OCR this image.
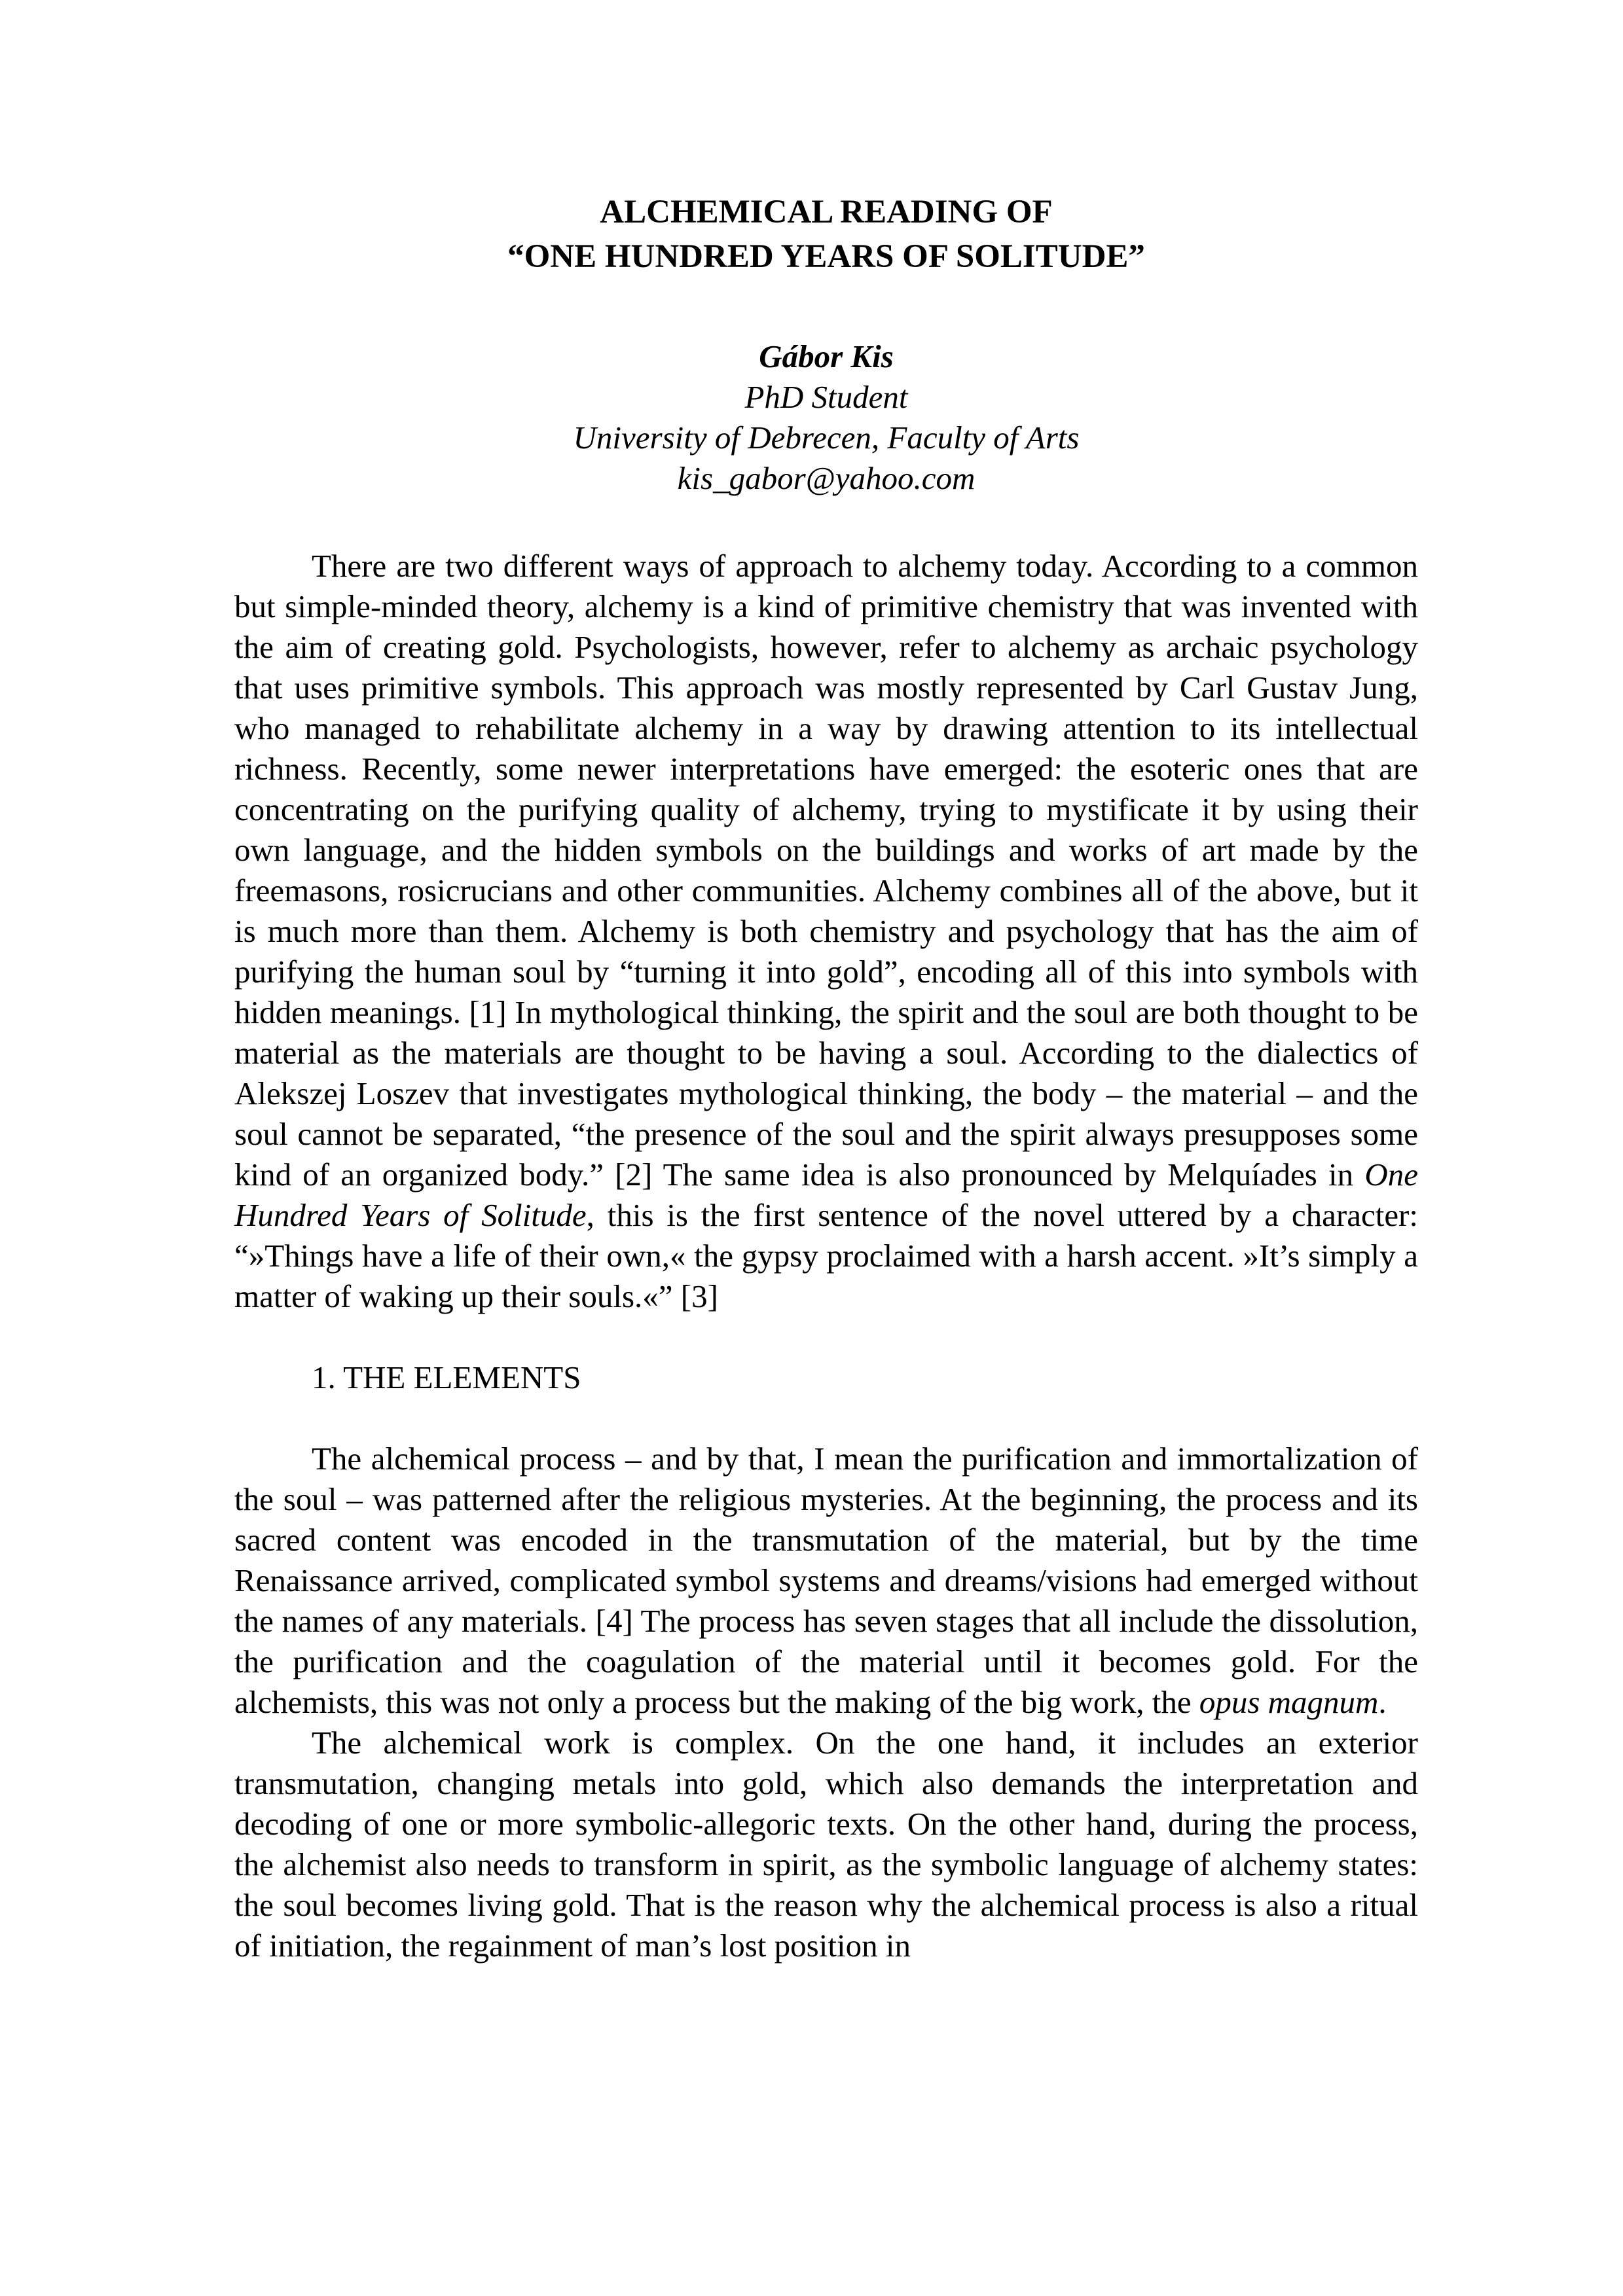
ALCHEMICAL READING OF
“ONE HUNDRED YEARS OF SOLITUDE”
Gábor Kis
PhD Student
University of Debrecen, Faculty of Arts
kis_gabor@yahoo.com

There are two different ways of approach to alchemy today. According to a common but simple-minded theory, alchemy is a kind of primitive chemistry that was invented with the aim of creating gold. Psychologists, however, refer to alchemy as archaic psychology that uses primitive symbols. This approach was mostly represented by Carl Gustav Jung, who managed to rehabilitate alchemy in a way by drawing attention to its intellectual richness. Recently, some newer interpretations have emerged: the esoteric ones that are concentrating on the purifying quality of alchemy, trying to mystificate it by using their own language, and the hidden symbols on the buildings and works of art made by the freemasons, rosicrucians and other communities. Alchemy combines all of the above, but it is much more than them. Alchemy is both chemistry and psychology that has the aim of purifying the human soul by “turning it into gold”, encoding all of this into symbols with hidden meanings. [1] In mythological thinking, the spirit and the soul are both thought to be material as the materials are thought to be having a soul. According to the dialectics of Alekszej Loszev that investigates mythological thinking, the body – the material – and the soul cannot be separated, “the presence of the soul and the spirit always presupposes some kind of an organized body.” [2] The same idea is also pronounced by Melquíades in One Hundred Years of Solitude, this is the first sentence of the novel uttered by a character: “»Things have a life of their own,« the gypsy proclaimed with a harsh accent. »It’s simply a matter of waking up their souls.«” [3]

1. THE ELEMENTS

The alchemical process – and by that, I mean the purification and immortalization of the soul – was patterned after the religious mysteries. At the beginning, the process and its sacred content was encoded in the transmutation of the material, but by the time Renaissance arrived, complicated symbol systems and dreams/visions had emerged without the names of any materials. [4] The process has seven stages that all include the dissolution, the purification and the coagulation of the material until it becomes gold. For the alchemists, this was not only a process but the making of the big work, the opus magnum.

The alchemical work is complex. On the one hand, it includes an exterior transmutation, changing metals into gold, which also demands the interpretation and decoding of one or more symbolic-allegoric texts. On the other hand, during the process, the alchemist also needs to transform in spirit, as the symbolic language of alchemy states: the soul becomes living gold. That is the reason why the alchemical process is also a ritual of initiation, the regainment of man’s lost position in
